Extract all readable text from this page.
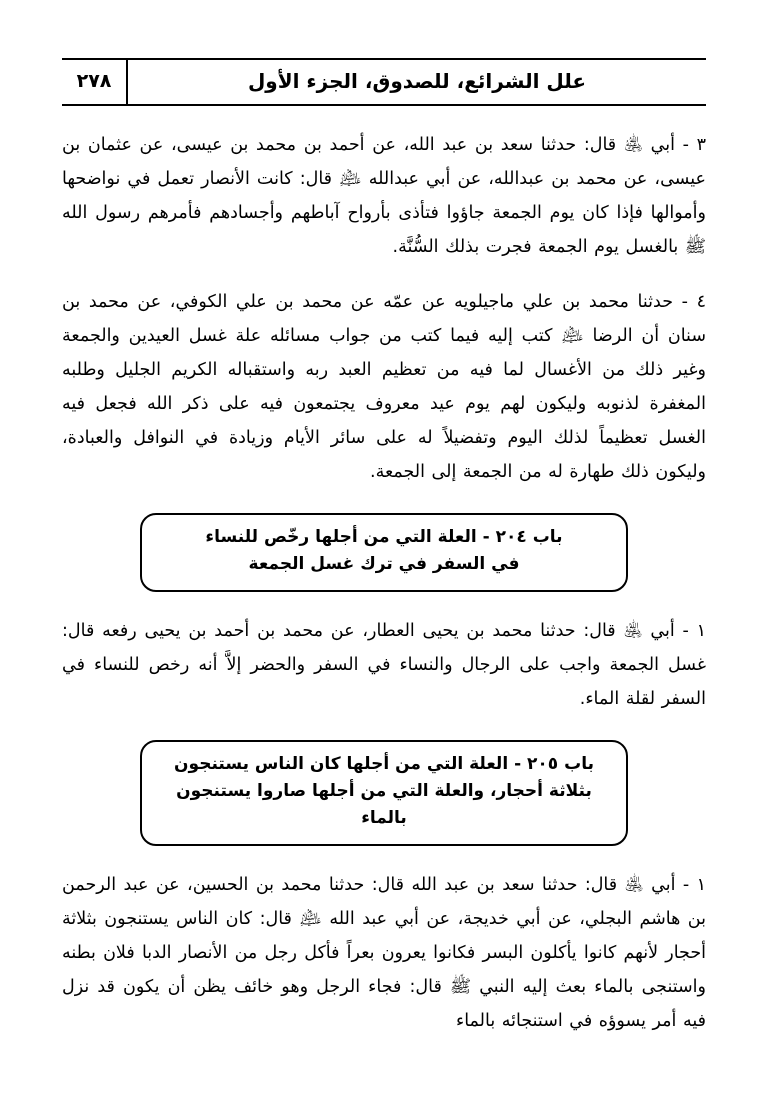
علل الشرائع، للصدوق، الجزء الأول
٢٧٨

٣ - أبي ﵁ قال: حدثنا سعد بن عبد الله، عن أحمد بن محمد بن عيسى، عن عثمان بن عيسى، عن محمد بن عبدالله، عن أبي عبدالله ﵇ قال: كانت الأنصار تعمل في نواضحها وأموالها فإذا كان يوم الجمعة جاؤوا فتأذى بأرواح آباطهم وأجسادهم فأمرهم رسول الله ﷺ بالغسل يوم الجمعة فجرت بذلك السُّنَّة.

٤ - حدثنا محمد بن علي ماجيلويه عن عمّه عن محمد بن علي الكوفي، عن محمد بن سنان أن الرضا ﵇ كتب إليه فيما كتب من جواب مسائله علة غسل العيدين والجمعة وغير ذلك من الأغسال لما فيه من تعظيم العبد ربه واستقباله الكريم الجليل وطلبه المغفرة لذنوبه وليكون لهم يوم عيد معروف يجتمعون فيه على ذكر الله فجعل فيه الغسل تعظيماً لذلك اليوم وتفضيلاً له على سائر الأيام وزيادة في النوافل والعبادة، وليكون ذلك طهارة له من الجمعة إلى الجمعة.

باب ٢٠٤ - العلة التي من أجلها رخّص للنساء
في السفر في ترك غسل الجمعة

١ - أبي ﵁ قال: حدثنا محمد بن يحيى العطار، عن محمد بن أحمد بن يحيى رفعه قال: غسل الجمعة واجب على الرجال والنساء في السفر والحضر إلاَّ أنه رخص للنساء في السفر لقلة الماء.

باب ٢٠٥ - العلة التي من أجلها كان الناس يستنجون
بثلاثة أحجار، والعلة التي من أجلها صاروا يستنجون بالماء

١ - أبي ﵁ قال: حدثنا سعد بن عبد الله قال: حدثنا محمد بن الحسين، عن عبد الرحمن بن هاشم البجلي، عن أبي خديجة، عن أبي عبد الله ﵇ قال: كان الناس يستنجون بثلاثة أحجار لأنهم كانوا يأكلون البسر فكانوا يعرون بعراً فأكل رجل من الأنصار الدبا فلان بطنه واستنجى بالماء بعث إليه النبي ﷺ قال: فجاء الرجل وهو خائف يظن أن يكون قد نزل فيه أمر يسوؤه في استنجائه بالماء
